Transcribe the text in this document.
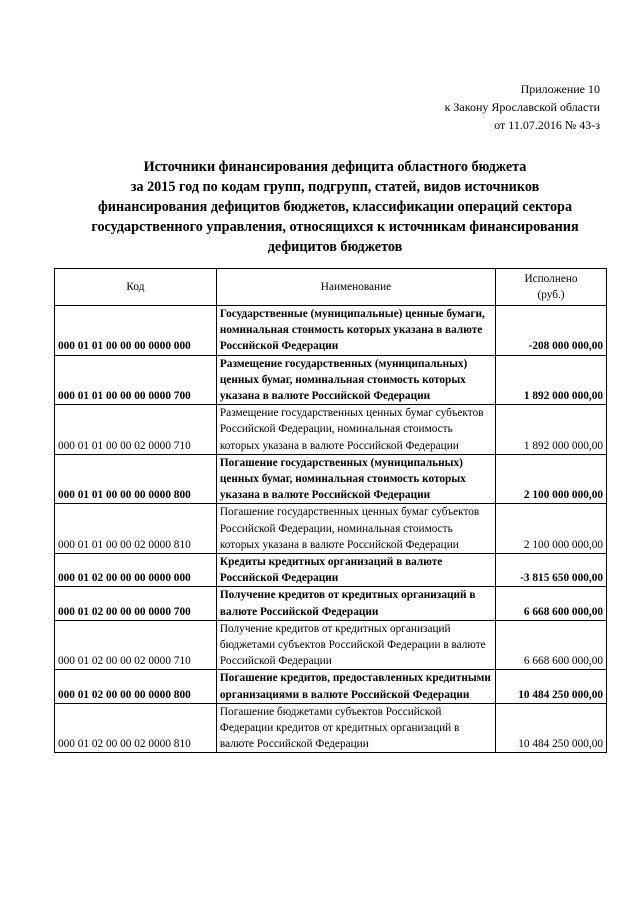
Приложение 10
к Закону Ярославской области
от 11.07.2016 № 43-з
Источники финансирования дефицита областного бюджета
за 2015 год по кодам групп, подгрупп, статей, видов источников
финансирования дефицитов бюджетов, классификации операций сектора
государственного управления, относящихся к источникам финансирования
дефицитов бюджетов
Код	Наименование	Исполнено
(руб.)

000 01 01 00 00 00 0000 000	Государственные (муниципальные) ценные бумаги, номинальная стоимость которых указана в валюте Российской Федерации	-208 000 000,00
000 01 01 00 00 00 0000 700	Размещение государственных (муниципальных) ценных бумаг, номинальная стоимость которых указана в валюте Российской Федерации	1 892 000 000,00
000 01 01 00 00 02 0000 710	Размещение государственных ценных бумаг субъектов Российской Федерации, номинальная стоимость которых указана в валюте Российской Федерации	1 892 000 000,00
000 01 01 00 00 00 0000 800	Погашение государственных (муниципальных) ценных бумаг, номинальная стоимость которых указана в валюте Российской Федерации	2 100 000 000,00
000 01 01 00 00 02 0000 810	Погашение государственных ценных бумаг субъектов Российской Федерации, номинальная стоимость которых указана в валюте Российской Федерации	2 100 000 000,00
000 01 02 00 00 00 0000 000	Кредиты кредитных организаций в валюте Российской Федерации	-3 815 650 000,00
000 01 02 00 00 00 0000 700	Получение кредитов от кредитных организаций в валюте Российской Федерации	6 668 600 000,00
000 01 02 00 00 02 0000 710	Получение кредитов от кредитных организаций бюджетами субъектов Российской Федерации в валюте Российской Федерации	6 668 600 000,00
000 01 02 00 00 00 0000 800	Погашение кредитов, предоставленных кредитными организациями в валюте Российской Федерации	10 484 250 000,00
000 01 02 00 00 02 0000 810	Погашение бюджетами субъектов Российской Федерации кредитов от кредитных организаций в валюте Российской Федерации	10 484 250 000,00
